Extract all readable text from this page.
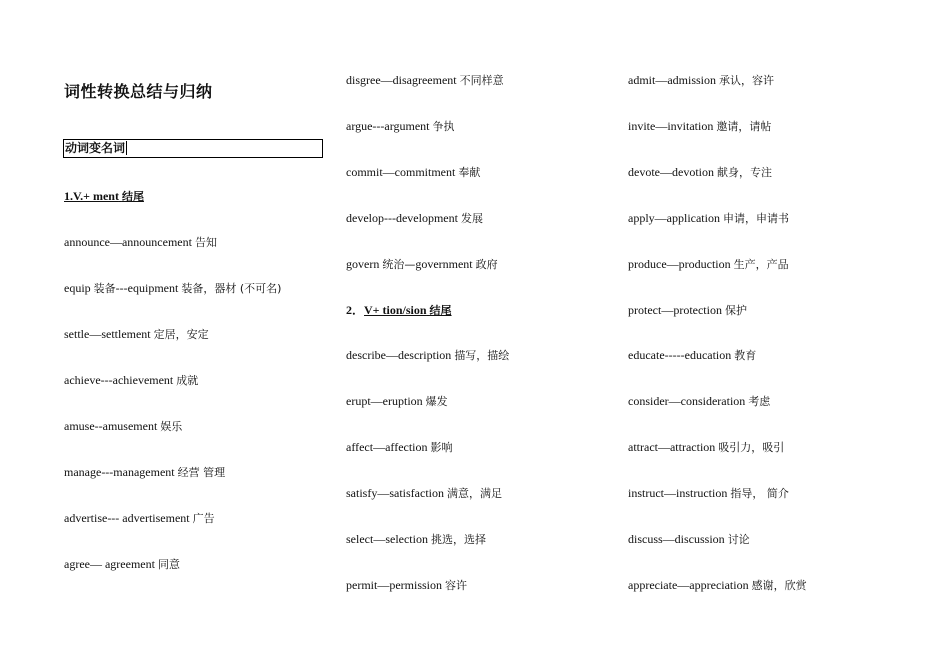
词性转换总结与归纳
动词变名词
1.V.+ ment 结尾
announce—announcement 告知
equip 装备---equipment 装备，器材 (不可名)
settle—settlement 定居，安定
achieve---achievement 成就
amuse--amusement 娱乐
manage---management 经营 管理
advertise--- advertisement 广告
agree— agreement 同意
disgree—disagreement 不同样意
argue---argument 争执
commit—commitment 奉献
develop---development 发展
govern 统治—government 政府
2．V+ tion/sion 结尾
describe—description 描写，描绘
erupt—eruption 爆发
affect—affection 影响
satisfy—satisfaction 满意，满足
select—selection 挑选，选择
permit—permission 容许
admit—admission 承认，容许
invite—invitation 邀请，请帖
devote—devotion 献身，专注
apply—application 申请，申请书
produce—production 生产，产品
protect—protection 保护
educate-----education 教育
consider—consideration 考虑
attract—attraction 吸引力，吸引
instruct—instruction 指导， 简介
discuss—discussion 讨论
appreciate—appreciation 感谢，欣赏
